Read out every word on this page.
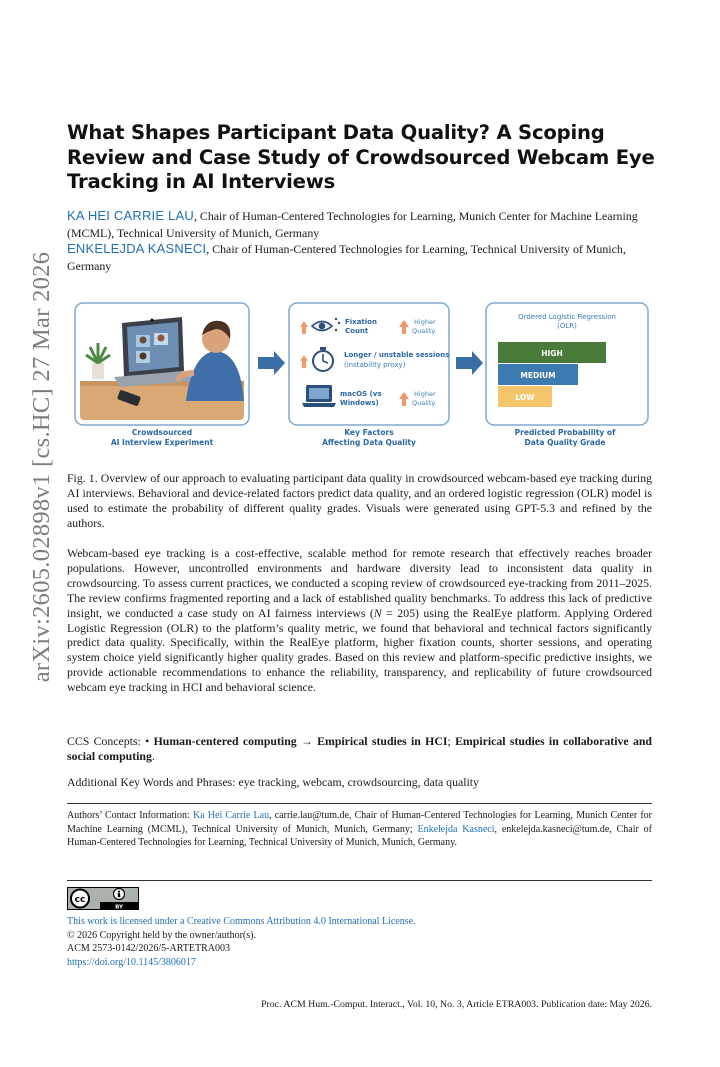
arXiv:2605.02898v1 [cs.HC] 27 Mar 2026
What Shapes Participant Data Quality? A Scoping Review and Case Study of Crowdsourced Webcam Eye Tracking in AI Interviews
KA HEI CARRIE LAU, Chair of Human-Centered Technologies for Learning, Munich Center for Machine Learning (MCML), Technical University of Munich, Germany
ENKELEJDA KASNECI, Chair of Human-Centered Technologies for Learning, Technical University of Munich, Germany
Crowdsourced
AI Interview Experiment
Fixation
Count
Higher
Quality
Longer / unstable sessions
(instability proxy)
macOS (vs
Windows)
Higher
Quality
Key Factors
Affecting Data Quality
Ordered Logistic Regression
(OLR)
HIGH
MEDIUM
LOW
Predicted Probability of
Data Quality Grade
Fig. 1. Overview of our approach to evaluating participant data quality in crowdsourced webcam-based eye tracking during AI interviews. Behavioral and device-related factors predict data quality, and an ordered logistic regression (OLR) model is used to estimate the probability of different quality grades. Visuals were generated using GPT-5.3 and refined by the authors.
Webcam-based eye tracking is a cost-effective, scalable method for remote research that effectively reaches broader populations. However, uncontrolled environments and hardware diversity lead to inconsistent data quality in crowdsourcing. To assess current practices, we conducted a scoping review of crowdsourced eye-tracking from 2011–2025. The review confirms fragmented reporting and a lack of established quality benchmarks. To address this lack of predictive insight, we conducted a case study on AI fairness interviews (N = 205) using the RealEye platform. Applying Ordered Logistic Regression (OLR) to the platform’s quality metric, we found that behavioral and technical factors significantly predict data quality. Specifically, within the RealEye platform, higher fixation counts, shorter sessions, and operating system choice yield significantly higher quality grades. Based on this review and platform-specific predictive insights, we provide actionable recommendations to enhance the reliability, transparency, and replicability of future crowdsourced webcam eye tracking in HCI and behavioral science.
CCS Concepts: • Human-centered computing → Empirical studies in HCI; Empirical studies in collaborative and social computing.
Additional Key Words and Phrases: eye tracking, webcam, crowdsourcing, data quality
Authors’ Contact Information: Ka Hei Carrie Lau, carrie.lau@tum.de, Chair of Human-Centered Technologies for Learning, Munich Center for Machine Learning (MCML), Technical University of Munich, Munich, Germany; Enkelejda Kasneci, enkelejda.kasneci@tum.de, Chair of Human-Centered Technologies for Learning, Technical University of Munich, Munich, Germany.
cc
BY
This work is licensed under a Creative Commons Attribution 4.0 International License.
© 2026 Copyright held by the owner/author(s).
ACM 2573-0142/2026/5-ARTETRA003
https://doi.org/10.1145/3806017
Proc. ACM Hum.-Comput. Interact., Vol. 10, No. 3, Article ETRA003. Publication date: May 2026.
